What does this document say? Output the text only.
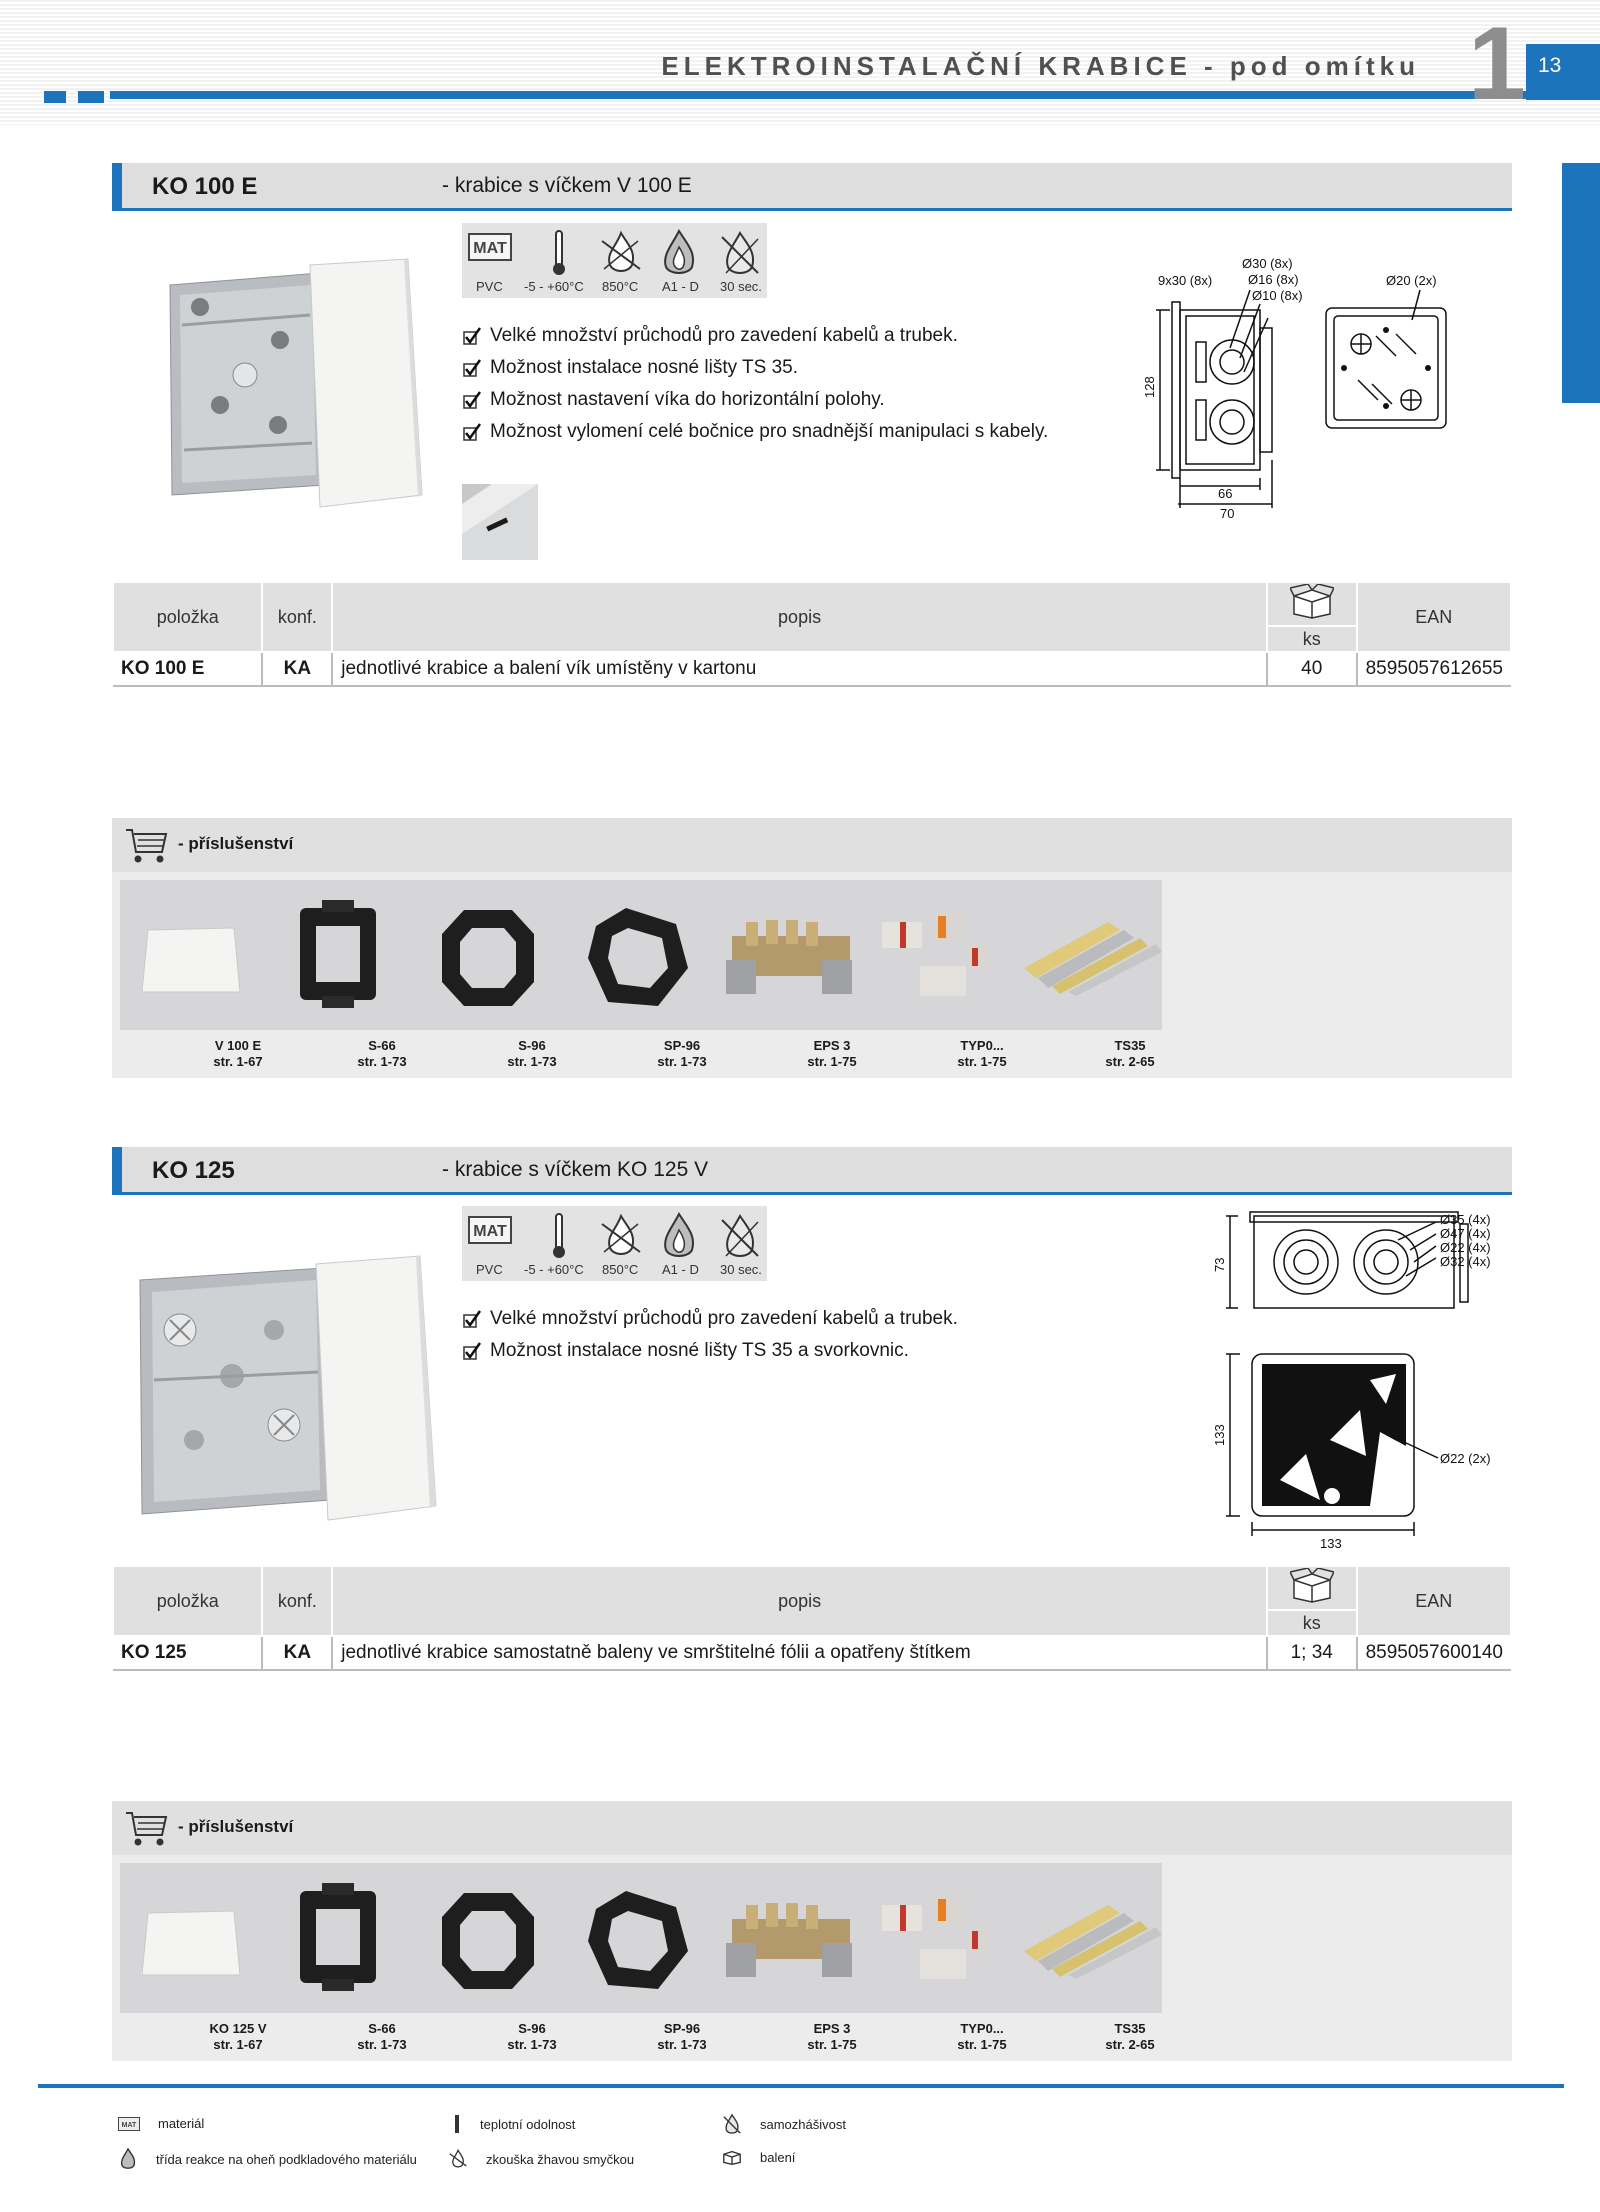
ELEKTROINSTALAČNÍ KRABICE - pod omítku 1 13
KO 100 E	- krabice s víčkem V 100 E
MAT
PVC -5 - +60°C 850°C A1 - D 30 sec.
Velké množství průchodů pro zavedení kabelů a trubek.
Možnost instalace nosné lišty TS 35.
Možnost nastavení víka do horizontální polohy.
Možnost vylomení celé bočnice pro snadnější manipulaci s kabely.
9x30 (8x)
Ø30 (8x)
Ø16 (8x)
Ø10 (8x)
Ø20 (2x)
128
66
70
položka	konf.	popis		EAN
			ks	
KO 100 E	KA	jednotlivé krabice a balení vík umístěny v kartonu	40	8595057612655
- příslušenství
V 100 E
str. 1-67
S-66
str. 1-73
S-96
str. 1-73
SP-96
str. 1-73
EPS 3
str. 1-75
TYP0...
str. 1-75
TS35
str. 2-65
KO 125	- krabice s víčkem KO 125 V
MAT
PVC -5 - +60°C 850°C A1 - D 30 sec.
Velké množství průchodů pro zavedení kabelů a trubek.
Možnost instalace nosné lišty TS 35 a svorkovnic.
Ø35 (4x)
Ø47 (4x)
Ø22 (4x)
Ø32 (4x)
Ø22 (2x)
73
133
133
položka	konf.	popis		EAN
			ks	
KO 125	KA	jednotlivé krabice samostatně baleny ve smrštitelné fólii a opatřeny štítkem	1; 34	8595057600140
- příslušenství
KO 125 V
str. 1-67
S-66
str. 1-73
S-96
str. 1-73
SP-96
str. 1-73
EPS 3
str. 1-75
TYP0...
str. 1-75
TS35
str. 2-65
MAT materiál	teplotní odolnost	samozhášivost
třída reakce na oheň podkladového materiálu	zkouška žhavou smyčkou	balení
